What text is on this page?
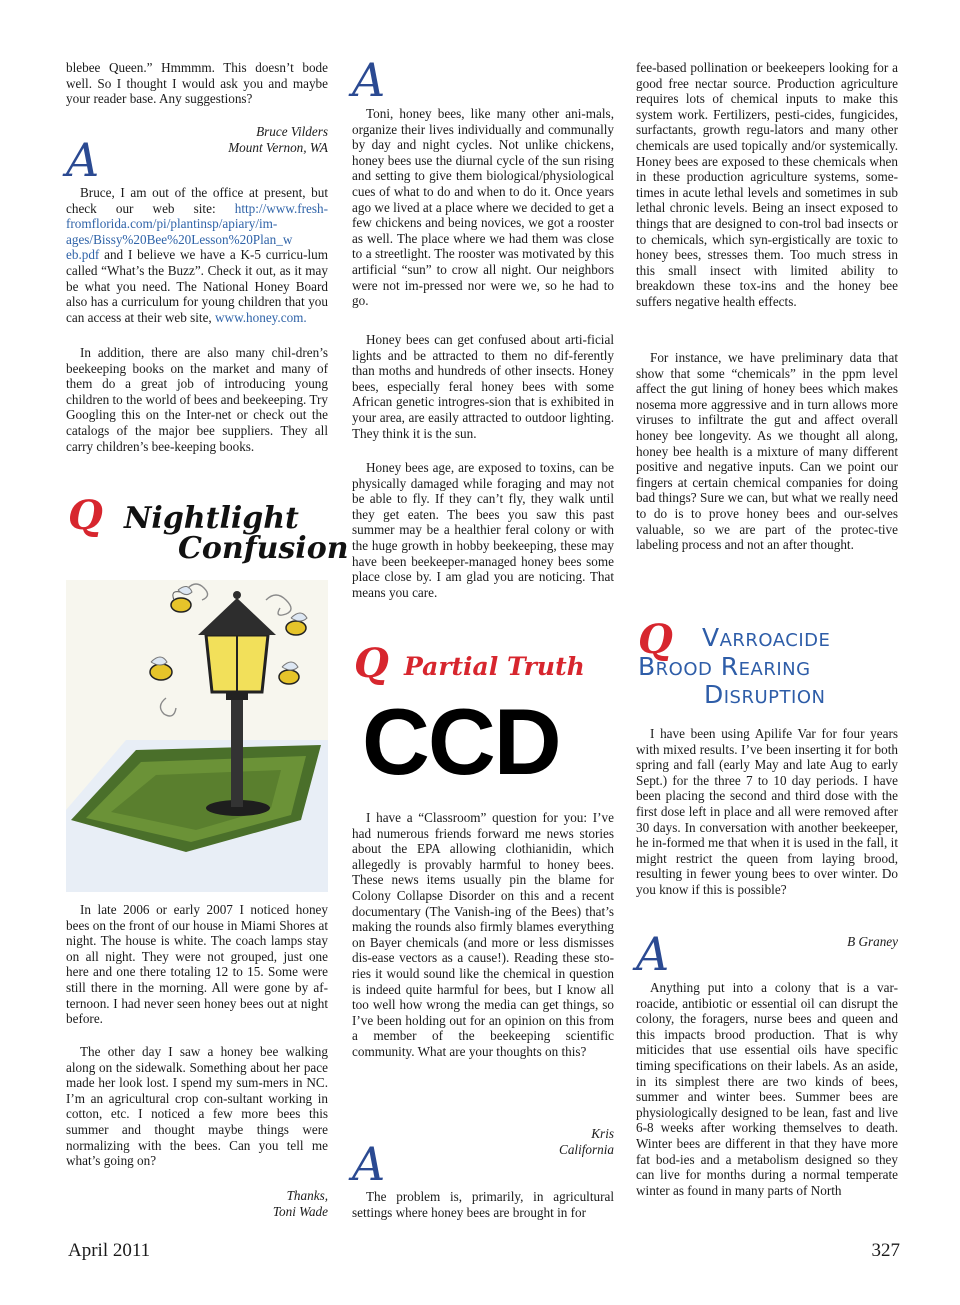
blebee Queen.” Hmmmm. This doesn’t bode well. So I thought I would ask you and maybe your reader base. Any suggestions?

Bruce Vilders
Mount Vernon, WA
A

Bruce, I am out of the office at present, but check our web site: http://www.fresh-fromflorida.com/pi/plantinsp/apiary/im-ages/Bissy%20Bee%20Lesson%20Plan_w eb.pdf and I believe we have a K-5 curricu-lum called “What’s the Buzz”. Check it out, as it may be what you need. The National Honey Board also has a curriculum for young children that you can access at their web site, www.honey.com.

In addition, there are also many chil-dren’s beekeeping books on the market and many of them do a great job of introducing young children to the world of bees and beekeeping. Try Googling this on the Inter-net or check out the catalogs of the major bee suppliers. They all carry children’s bee-keeping books.

Q Nightlight
Confusion

In late 2006 or early 2007 I noticed honey bees on the front of our house in Miami Shores at night. The house is white. The coach lamps stay on all night. They were not grouped, just one here and one there totaling 12 to 15. Some were still there in the morning. All were gone by af-ternoon. I had never seen honey bees out at night before.

The other day I saw a honey bee walking along on the sidewalk. Something about her pace made her look lost. I spend my sum-mers in NC. I’m an agricultural crop con-sultant working in cotton, etc. I noticed a few more bees this summer and thought maybe things were normalizing with the bees. Can you tell me what’s going on?

Thanks,
Toni Wade
A

Toni, honey bees, like many other ani-mals, organize their lives individually and communally by day and night cycles. Not unlike chickens, honey bees use the diurnal cycle of the sun rising and setting to give them biological/physiological cues of what to do and when to do it. Once years ago we lived at a place where we decided to get a few chickens and being novices, we got a rooster as well. The place where we had them was close to a streetlight. The rooster was motivated by this artificial “sun” to crow all night. Our neighbors were not im-pressed nor were we, so he had to go.

Honey bees can get confused about arti-ficial lights and be attracted to them no dif-ferently than moths and hundreds of other insects. Honey bees, especially feral honey bees with some African genetic introgres-sion that is exhibited in your area, are easily attracted to outdoor lighting. They think it is the sun.

Honey bees age, are exposed to toxins, can be physically damaged while foraging and may not be able to fly. If they can’t fly, they walk until they get eaten. The bees you saw this past summer may be a healthier feral colony or with the huge growth in hobby beekeeping, these may have been beekeeper-managed honey bees some place close by. I am glad you are noticing. That means you care.

Q Partial Truth
CCD

I have a “Classroom” question for you: I’ve had numerous friends forward me news stories about the EPA allowing clothianidin, which allegedly is provably harmful to honey bees. These news items usually pin the blame for Colony Collapse Disorder on this and a recent documentary (The Vanish-ing of the Bees) that’s making the rounds also firmly blames everything on Bayer chemicals (and more or less dismisses dis-ease vectors as a cause!). Reading these sto-ries it would sound like the chemical in question is indeed quite harmful for bees, but I know all too well how wrong the media can get things, so I’ve been holding out for an opinion on this from a member of the beekeeping scientific community. What are your thoughts on this?

Kris
California
A

The problem is, primarily, in agricultural settings where honey bees are brought in for

fee-based pollination or beekeepers looking for a good free nectar source. Production agriculture requires lots of chemical inputs to make this system work. Fertilizers, pesti-cides, fungicides, surfactants, growth regu-lators and many other chemicals are used topically and/or systemically. Honey bees are exposed to these chemicals when in these production agriculture systems, some-times in acute lethal levels and sometimes in sub lethal chronic levels. Being an insect exposed to things that are designed to con-trol bad insects or to chemicals, which syn-ergistically are toxic to honey bees, stresses them. Too much stress in this small insect with limited ability to breakdown these tox-ins and the honey bee suffers negative health effects.

For instance, we have preliminary data that show that some “chemicals” in the ppm level affect the gut lining of honey bees which makes nosema more aggressive and in turn allows more viruses to infiltrate the gut and affect overall honey bee longevity. As we thought all along, honey bee health is a mixture of many different positive and negative inputs. Can we point our fingers at certain chemical companies for doing bad things? Sure we can, but what we really need to do is to prove honey bees and our-selves valuable, so we are part of the protec-tive labeling process and not an after thought.

Q Varroacide
Brood Rearing
Disruption

I have been using Apilife Var for four years with mixed results. I’ve been inserting it for both spring and fall (early May and late Aug to early Sept.) for the three 7 to 10 day periods. I have been placing the second and third dose with the first dose left in place and all were removed after 30 days. In conversation with another beekeeper, he in-formed me that when it is used in the fall, it might restrict the queen from laying brood, resulting in fewer young bees to over winter. Do you know if this is possible?

B Graney
A

Anything put into a colony that is a var-roacide, antibiotic or essential oil can disrupt the colony, the foragers, nurse bees and queen and this impacts brood production. That is why miticides that use essential oils have specific timing specifications on their labels. As an aside, in its simplest there are two kinds of bees, summer and winter bees. Summer bees are physiologically designed to be lean, fast and live 6-8 weeks after working themselves to death. Winter bees are different in that they have more fat bod-ies and a metabolism designed so they can live for months during a normal temperate winter as found in many parts of North

April 2011	327
